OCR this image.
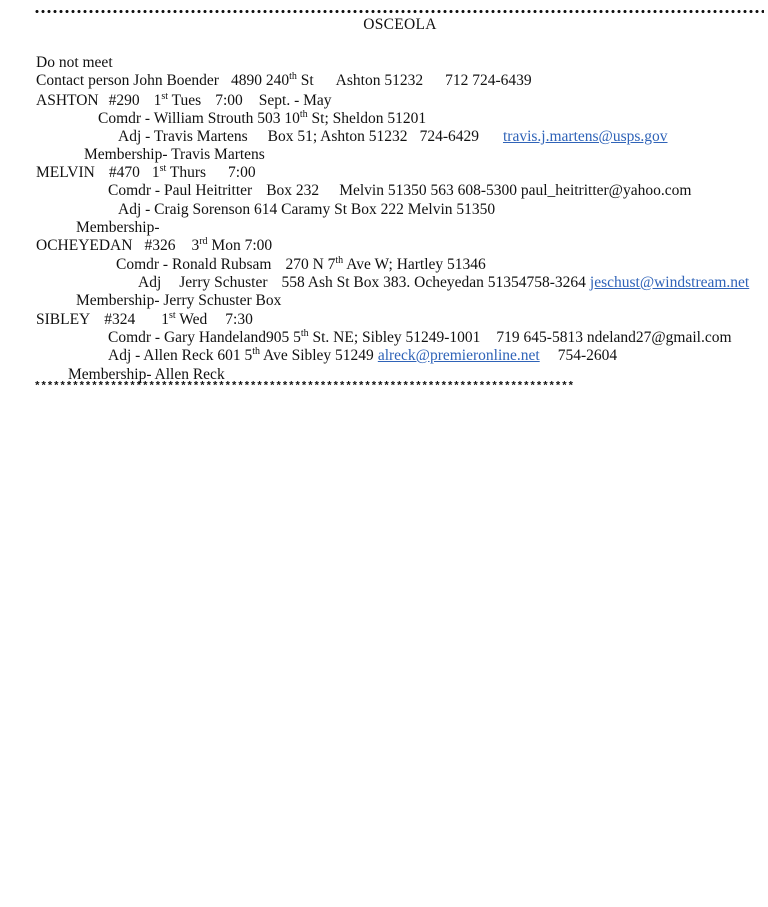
OSCEOLA
Do not meet
Contact person John Boender 4890 240th St Ashton 51232 712 724-6439
ASHTON #290 1st Tues 7:00 Sept. - May
Comdr - William Strouth 503 10th St; Sheldon 51201
Adj - Travis Martens Box 51; Ashton 51232 724-6429 travis.j.martens@usps.gov
Membership- Travis Martens
MELVIN #470 1st Thurs 7:00
Comdr - Paul Heitritter Box 232 Melvin 51350 563 608-5300 paul_heitritter@yahoo.com
Adj - Craig Sorenson 614 Caramy St Box 222 Melvin 51350
Membership-
OCHEYEDAN #326 3rd Mon 7:00
Comdr - Ronald Rubsam 270 N 7th Ave W; Hartley 51346
Adj Jerry Schuster 558 Ash St Box 383. Ocheyedan 51354758-3264 jeschust@windstream.net
Membership- Jerry Schuster Box
SIBLEY #324 1st Wed 7:30
Comdr - Gary Handeland905 5th St. NE; Sibley 51249-1001 719 645-5813 ndeland27@gmail.com
Adj - Allen Reck 601 5th Ave Sibley 51249 alreck@premieronline.net 754-2604
Membership- Allen Reck
*************************************************************************************
